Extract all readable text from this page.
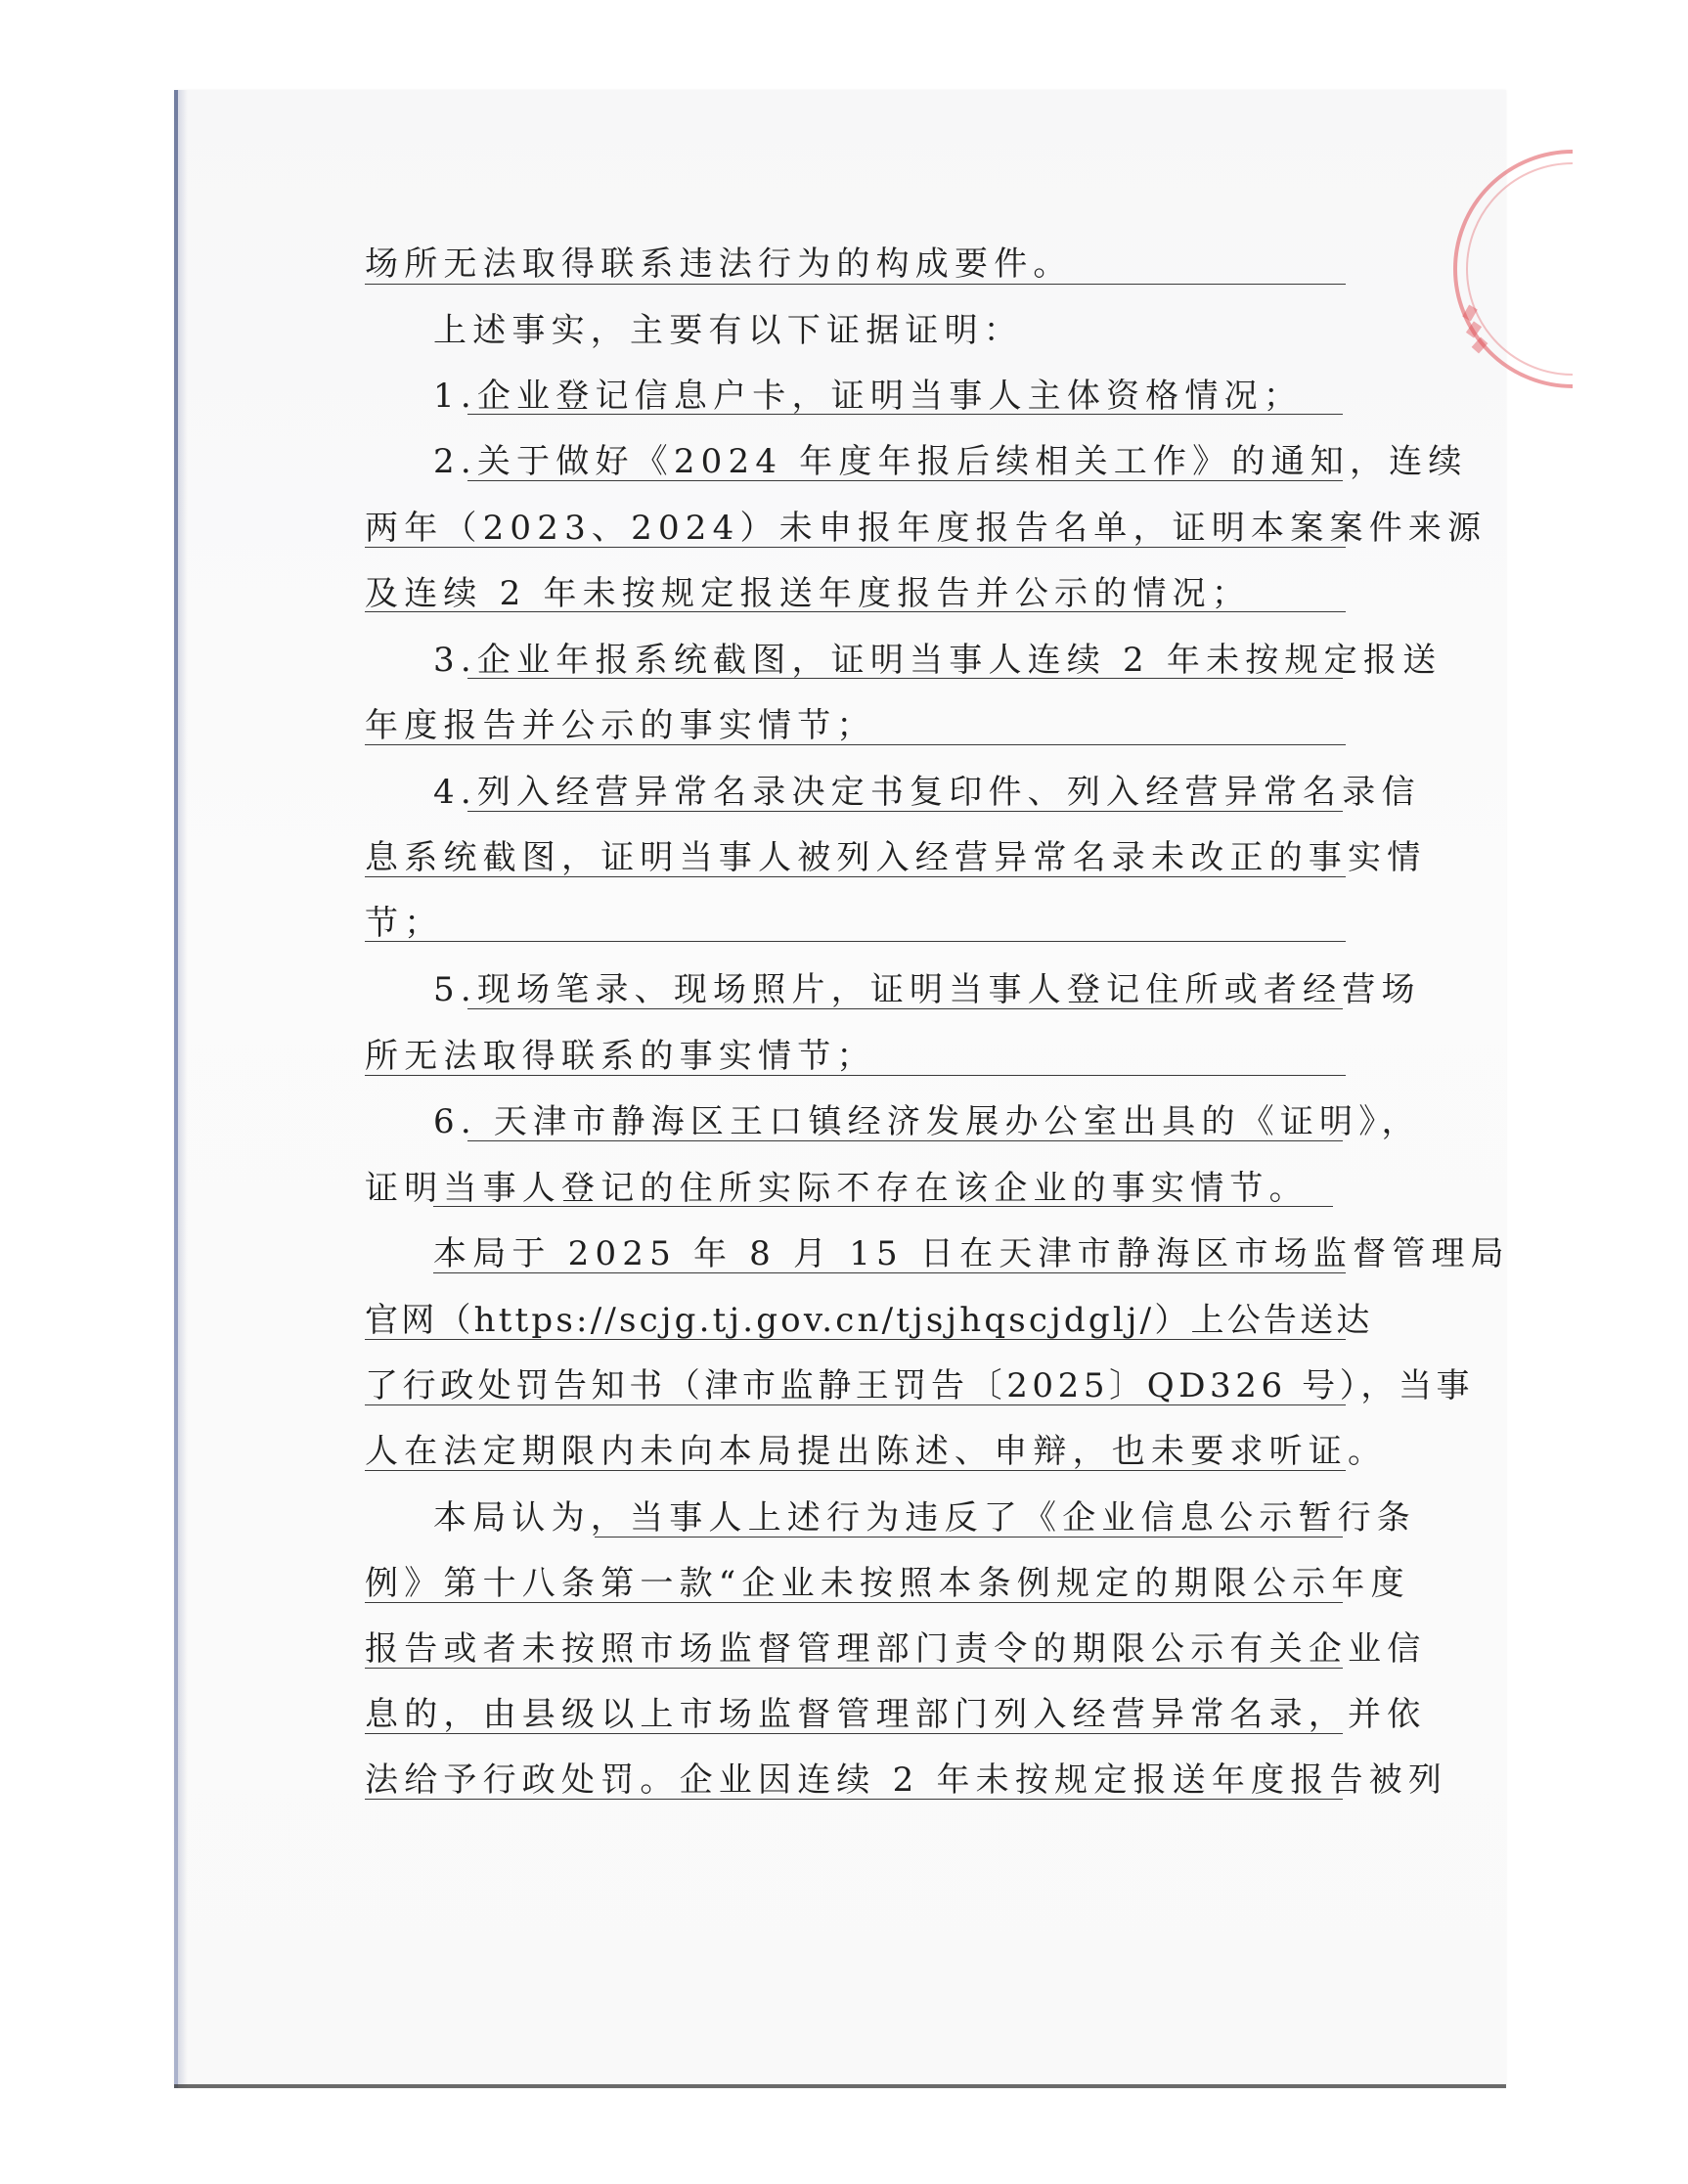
场所无法取得联系违法行为的构成要件。
上述事实，主要有以下证据证明：
1.企业登记信息户卡，证明当事人主体资格情况；
2.关于做好《2024 年度年报后续相关工作》的通知，连续
两年（2023、2024）未申报年度报告名单，证明本案案件来源
及连续 2 年未按规定报送年度报告并公示的情况；
3.企业年报系统截图，证明当事人连续 2 年未按规定报送
年度报告并公示的事实情节；
4.列入经营异常名录决定书复印件、列入经营异常名录信
息系统截图，证明当事人被列入经营异常名录未改正的事实情
节；
5.现场笔录、现场照片，证明当事人登记住所或者经营场
所无法取得联系的事实情节；
6. 天津市静海区王口镇经济发展办公室出具的《证明》，
证明当事人登记的住所实际不存在该企业的事实情节。
本局于 2025 年 8 月 15 日在天津市静海区市场监督管理局
官网（https://scjg.tj.gov.cn/tjsjhqscjdglj/）上公告送达
了行政处罚告知书（津市监静王罚告〔2025〕QD326 号），当事
人在法定期限内未向本局提出陈述、申辩，也未要求听证。
本局认为，当事人上述行为违反了《企业信息公示暂行条
例》第十八条第一款“企业未按照本条例规定的期限公示年度
报告或者未按照市场监督管理部门责令的期限公示有关企业信
息的，由县级以上市场监督管理部门列入经营异常名录，并依
法给予行政处罚。企业因连续 2 年未按规定报送年度报告被列
